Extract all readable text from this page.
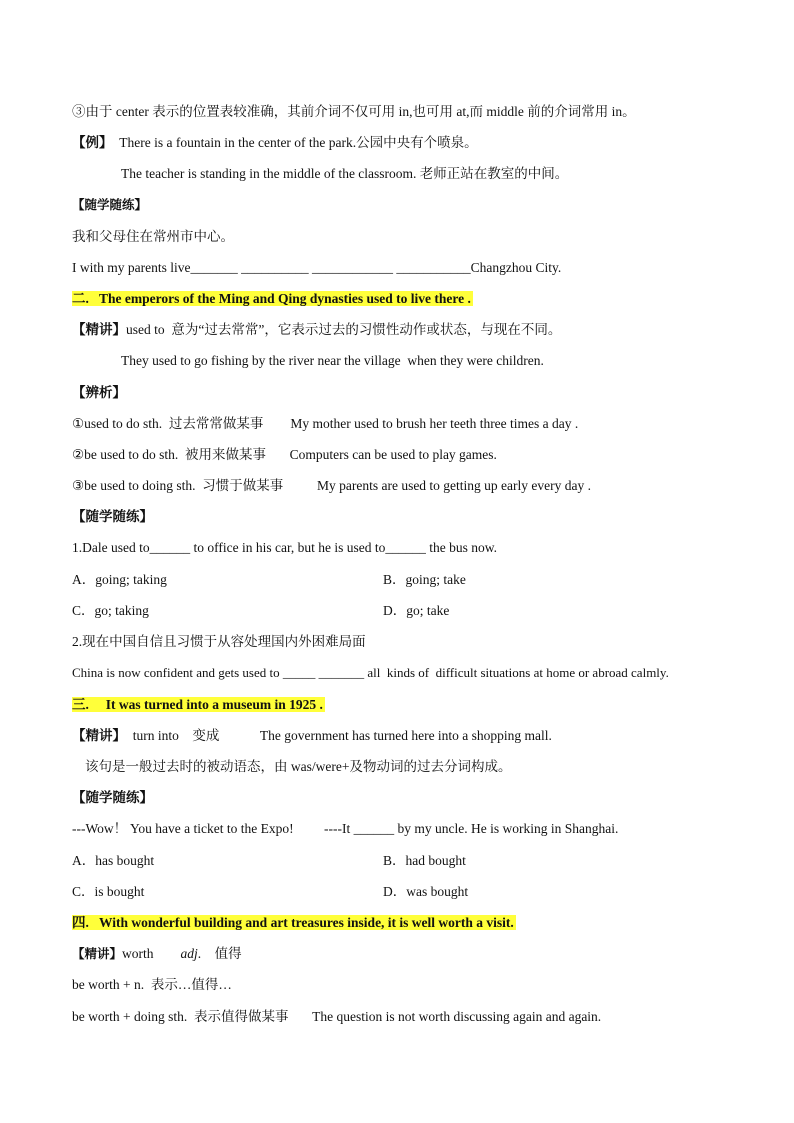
③由于 center 表示的位置表较准确，其前介词不仅可用 in,也可用 at,而 middle 前的介词常用 in。
【例】 There is a fountain in the center of the park.公园中央有个喷泉。
The teacher is standing in the middle of the classroom. 老师正站在教室的中间。
【随学随练】
我和父母住在常州市中心。
I with my parents live_______ __________ ____________ ___________Changzhou City.
二.   The emperors of the Ming and Qing dynasties used to live there .
【精讲】used to  意为“过去常常”，它表示过去的习惯性动作或状态，与现在不同。
They used to go fishing by the river near the village  when they were children.
【辨析】
①used to do sth.  过去常常做某事        My mother used to brush her teeth three times a day .
②be used to do sth.  被用来做某事       Computers can be used to play games.
③be used to doing sth.  习惯于做某事          My parents are used to getting up early every day .
【随学随练】
1.Dale used to______ to office in his car, but he is used to______ the bus now.
A．going; taking	B．going; take
C．go; taking	D．go; take
2.现在中国自信且习惯于从容处理国内外困难局面
China is now confident and gets used to _____ _______ all  kinds of  difficult situations at home or abroad calmly.
三.     It was turned into a museum in 1925 .
【精讲】  turn into    变成            The government has turned here into a shopping mall.
该句是一般过去时的被动语态，由 was/were+及物动词的过去分词构成。
【随学随练】
---Wow！ You have a ticket to the Expo!         ----It ______ by my uncle. He is working in Shanghai.
A．has bought	B．had bought
C．is bought	D．was bought
四.   With wonderful building and art treasures inside, it is well worth a visit.
【精讲】worth adj.    值得
be worth + n.  表示…值得…
be worth + doing sth.  表示值得做某事       The question is not worth discussing again and again.
